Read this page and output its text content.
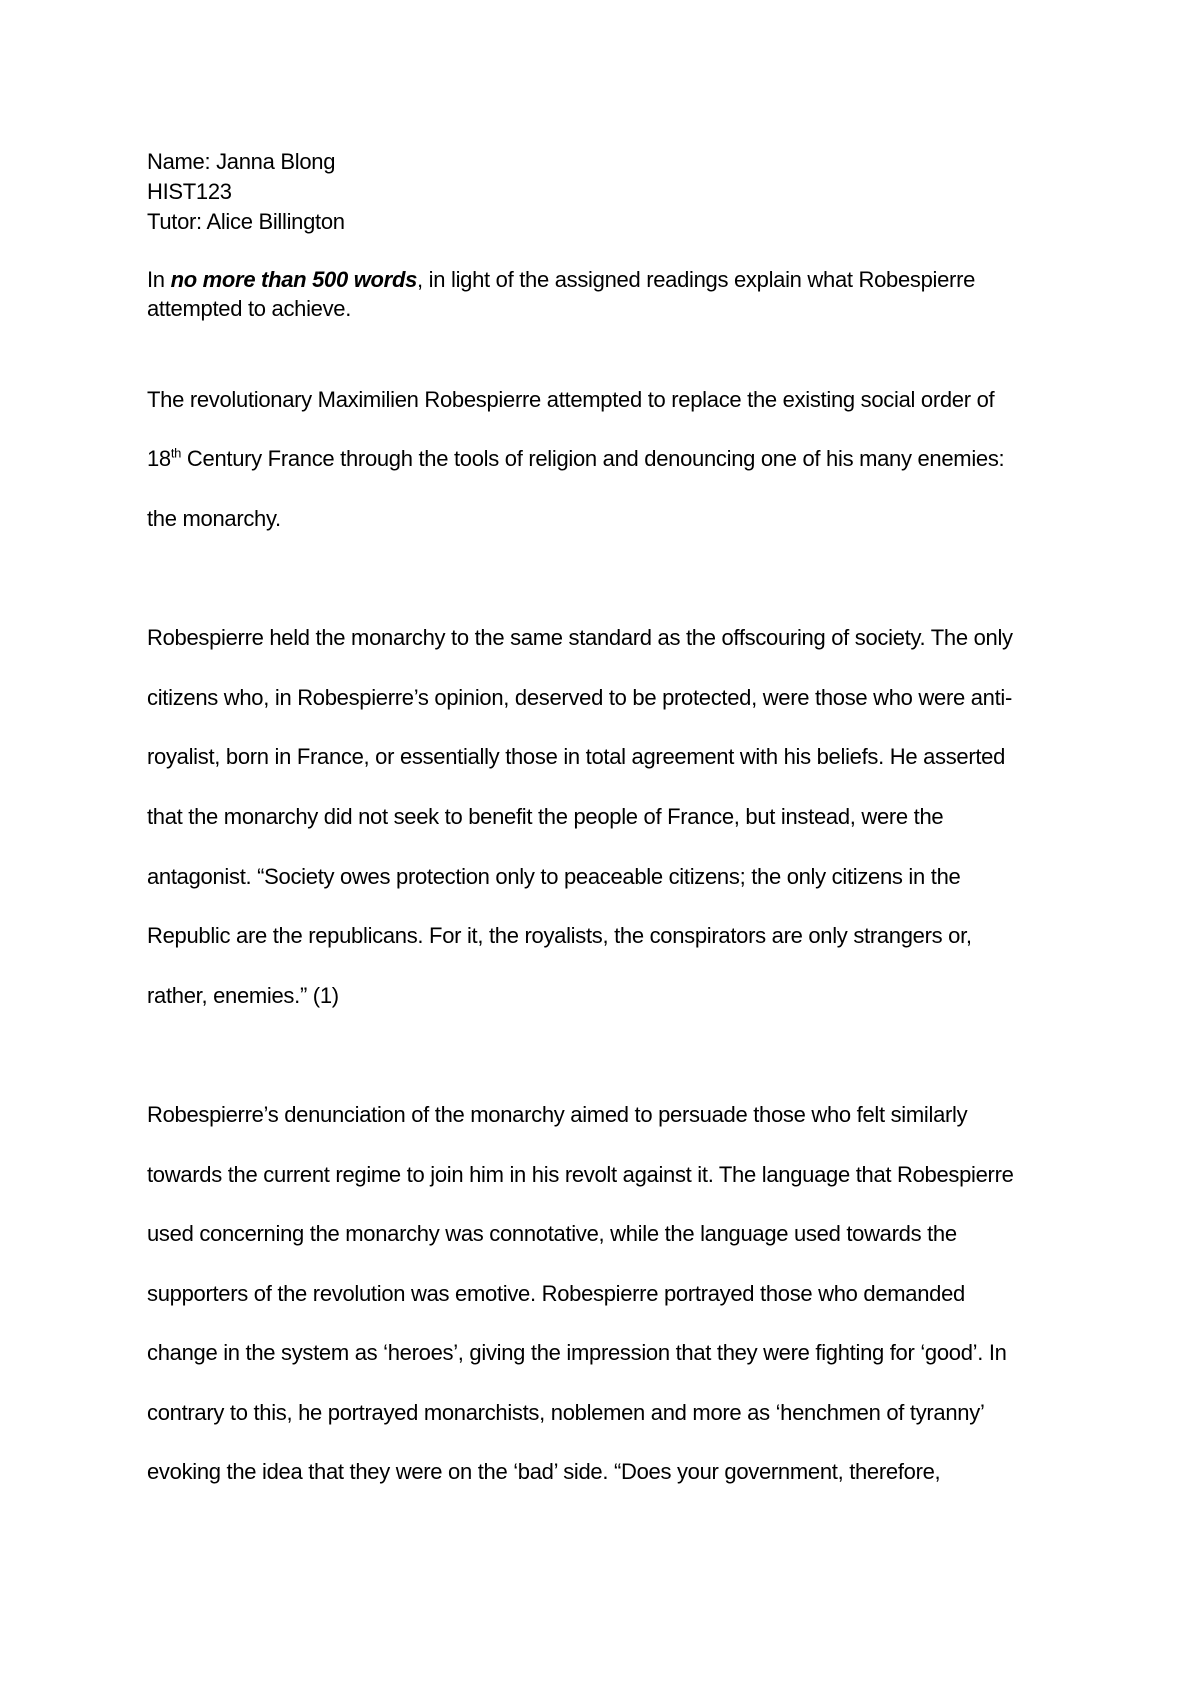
Name: Janna Blong
HIST123
Tutor: Alice Billington
In no more than 500 words, in light of the assigned readings explain what Robespierre
attempted to achieve.
The revolutionary Maximilien Robespierre attempted to replace the existing social order of
18th Century France through the tools of religion and denouncing one of his many enemies:
the monarchy.
Robespierre held the monarchy to the same standard as the offscouring of society. The only
citizens who, in Robespierre’s opinion, deserved to be protected, were those who were anti-
royalist, born in France, or essentially those in total agreement with his beliefs. He asserted
that the monarchy did not seek to benefit the people of France, but instead, were the
antagonist. “Society owes protection only to peaceable citizens; the only citizens in the
Republic are the republicans. For it, the royalists, the conspirators are only strangers or,
rather, enemies.” (1)
Robespierre’s denunciation of the monarchy aimed to persuade those who felt similarly
towards the current regime to join him in his revolt against it. The language that Robespierre
used concerning the monarchy was connotative, while the language used towards the
supporters of the revolution was emotive. Robespierre portrayed those who demanded
change in the system as ‘heroes’, giving the impression that they were fighting for ‘good’. In
contrary to this, he portrayed monarchists, noblemen and more as ‘henchmen of tyranny’
evoking the idea that they were on the ‘bad’ side. “Does your government, therefore,
